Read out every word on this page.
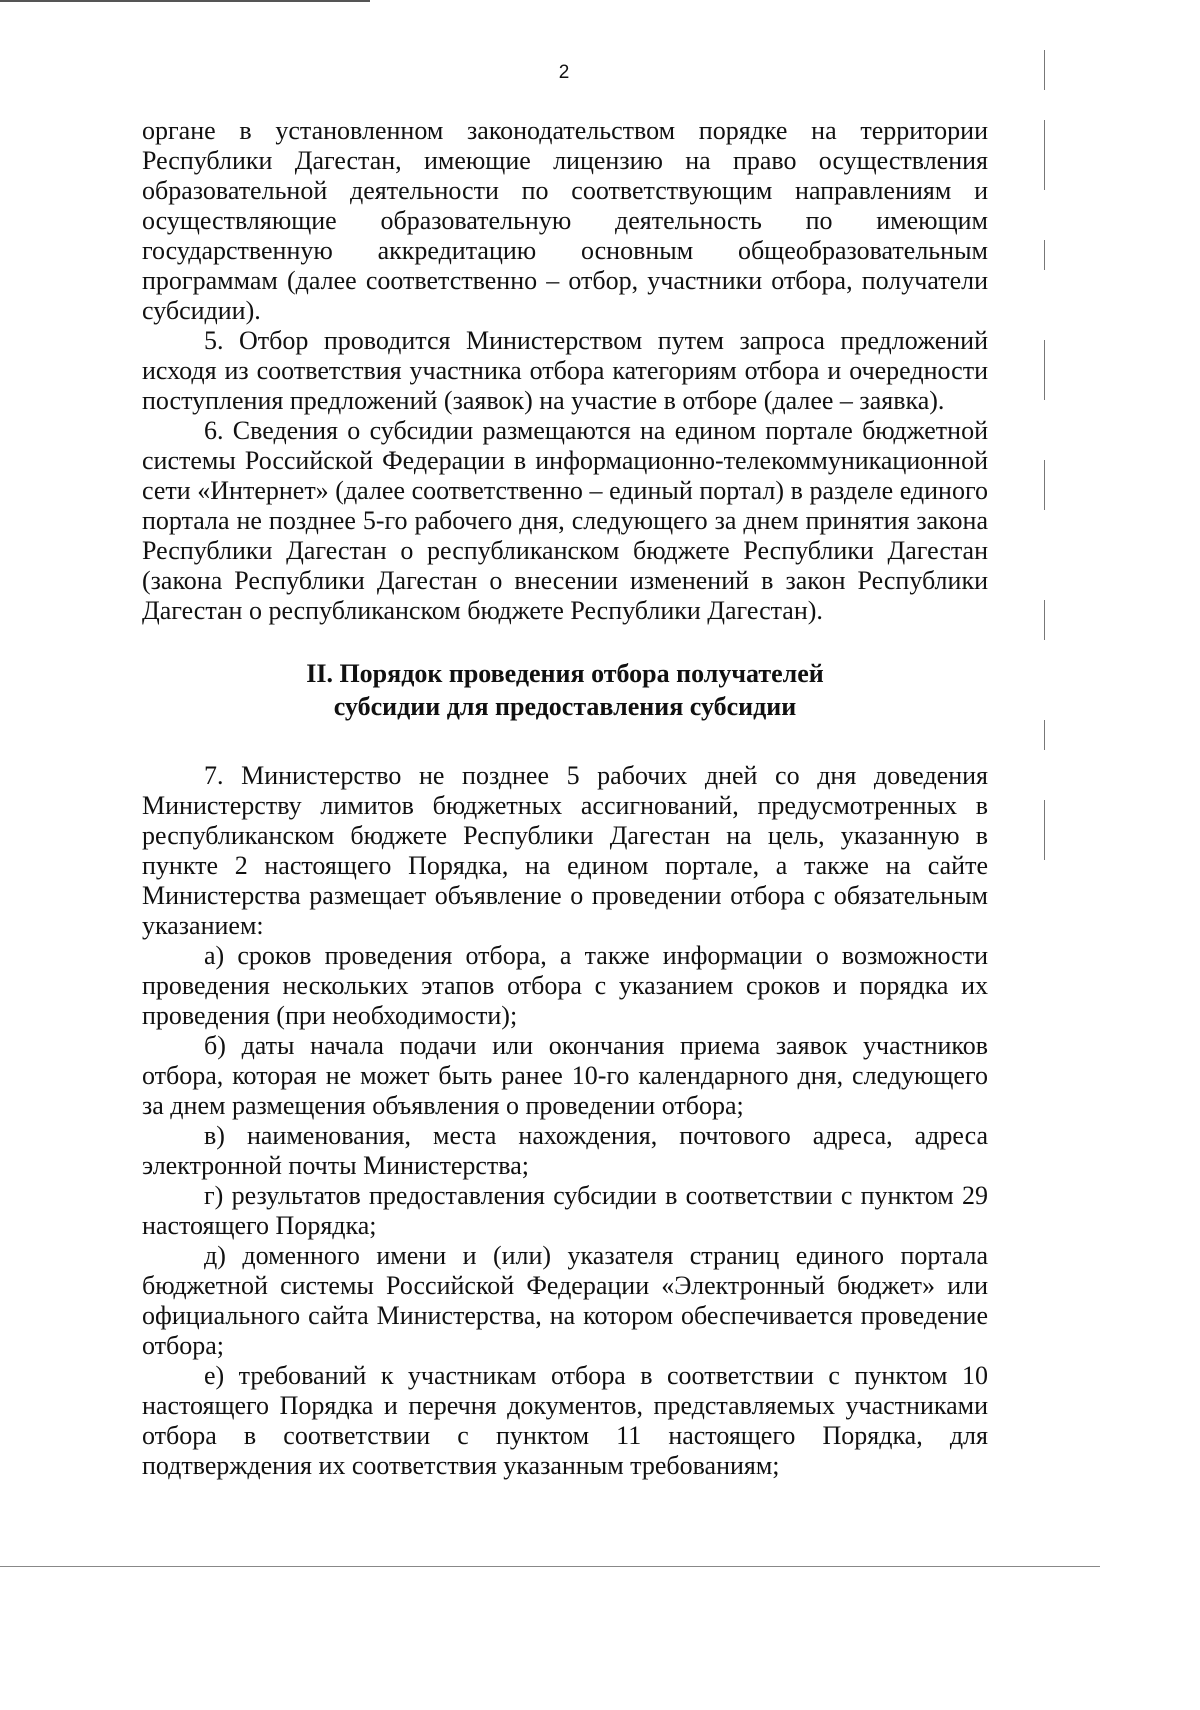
2

органе в установленном законодательством порядке на территории Республики Дагестан, имеющие лицензию на право осуществления образовательной деятельности по соответствующим направлениям и осуществляющие образовательную деятельность по имеющим государственную аккредитацию основным общеобразовательным программам (далее соответственно – отбор, участники отбора, получатели субсидии).

5. Отбор проводится Министерством путем запроса предложений исходя из соответствия участника отбора категориям отбора и очередности поступления предложений (заявок) на участие в отборе (далее – заявка).

6. Сведения о субсидии размещаются на едином портале бюджетной системы Российской Федерации в информационно-телекоммуникационной сети «Интернет» (далее соответственно – единый портал) в разделе единого портала не позднее 5-го рабочего дня, следующего за днем принятия закона Республики Дагестан о республиканском бюджете Республики Дагестан (закона Республики Дагестан о внесении изменений в закон Республики Дагестан о республиканском бюджете Республики Дагестан).

II. Порядок проведения отбора получателей
субсидии для предоставления субсидии

7. Министерство не позднее 5 рабочих дней со дня доведения Министерству лимитов бюджетных ассигнований, предусмотренных в республиканском бюджете Республики Дагестан на цель, указанную в пункте 2 настоящего Порядка, на едином портале, а также на сайте Министерства размещает объявление о проведении отбора с обязательным указанием:

а) сроков проведения отбора, а также информации о возможности проведения нескольких этапов отбора с указанием сроков и порядка их проведения (при необходимости);

б) даты начала подачи или окончания приема заявок участников отбора, которая не может быть ранее 10-го календарного дня, следующего за днем размещения объявления о проведении отбора;

в) наименования, места нахождения, почтового адреса, адреса электронной почты Министерства;

г) результатов предоставления субсидии в соответствии с пунктом 29 настоящего Порядка;

д) доменного имени и (или) указателя страниц единого портала бюджетной системы Российской Федерации «Электронный бюджет» или официального сайта Министерства, на котором обеспечивается проведение отбора;

е) требований к участникам отбора в соответствии с пунктом 10 настоящего Порядка и перечня документов, представляемых участниками отбора в соответствии с пунктом 11 настоящего Порядка, для подтверждения их соответствия указанным требованиям;
